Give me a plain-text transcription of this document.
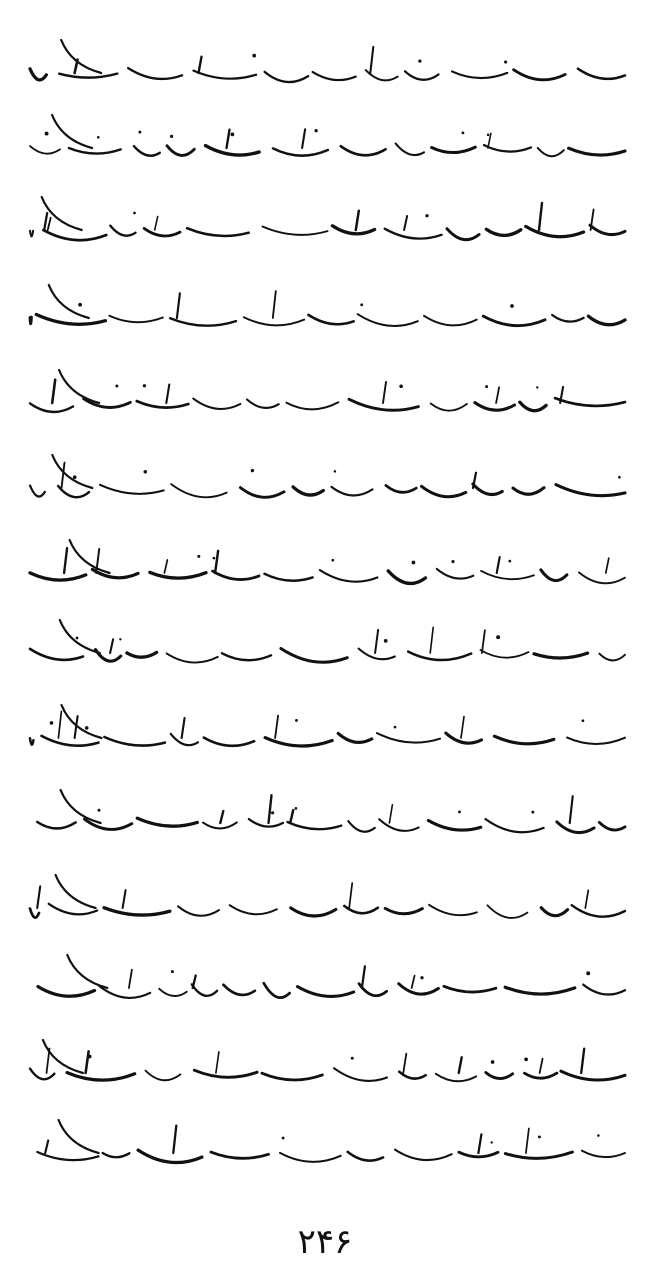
۲۴۶
